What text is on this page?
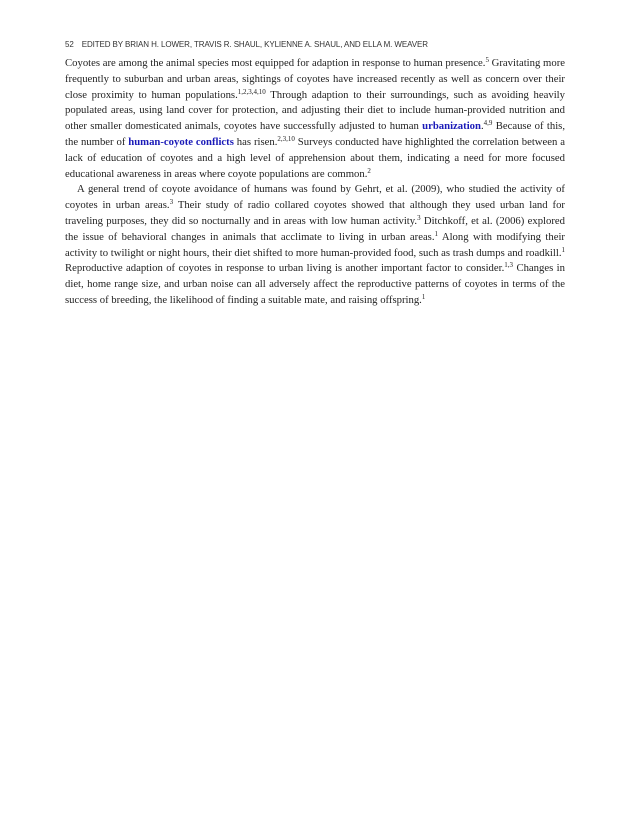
52 EDITED BY BRIAN H. LOWER, TRAVIS R. SHAUL, KYLIENNE A. SHAUL, AND ELLA M. WEAVER

Coyotes are among the animal species most equipped for adaption in response to human presence.$^5$ Gravitating more frequently to suburban and urban areas, sightings of coyotes have increased recently as well as concern over their close proximity to human populations.$^{1,2,3,4,10}$ Through adaption to their surroundings, such as avoiding heavily populated areas, using land cover for protection, and adjusting their diet to include human-provided nutrition and other smaller domesticated animals, coyotes have successfully adjusted to human urbanization.$^{4,9}$ Because of this, the number of human-coyote conflicts has risen.$^{2,3,10}$ Surveys conducted have highlighted the correlation between a lack of education of coyotes and a high level of apprehension about them, indicating a need for more focused educational awareness in areas where coyote populations are common.$^2$

A general trend of coyote avoidance of humans was found by Gehrt, et al. (2009), who studied the activity of coyotes in urban areas.$^3$ Their study of radio collared coyotes showed that although they used urban land for traveling purposes, they did so nocturnally and in areas with low human activity.$^3$ Ditchkoff, et al. (2006) explored the issue of behavioral changes in animals that acclimate to living in urban areas.$^1$ Along with modifying their activity to twilight or night hours, their diet shifted to more human-provided food, such as trash dumps and roadkill.$^1$ Reproductive adaption of coyotes in response to urban living is another important factor to consider.$^{1,3}$ Changes in diet, home range size, and urban noise can all adversely affect the reproductive patterns of coyotes in terms of the success of breeding, the likelihood of finding a suitable mate, and raising offspring.$^1$
